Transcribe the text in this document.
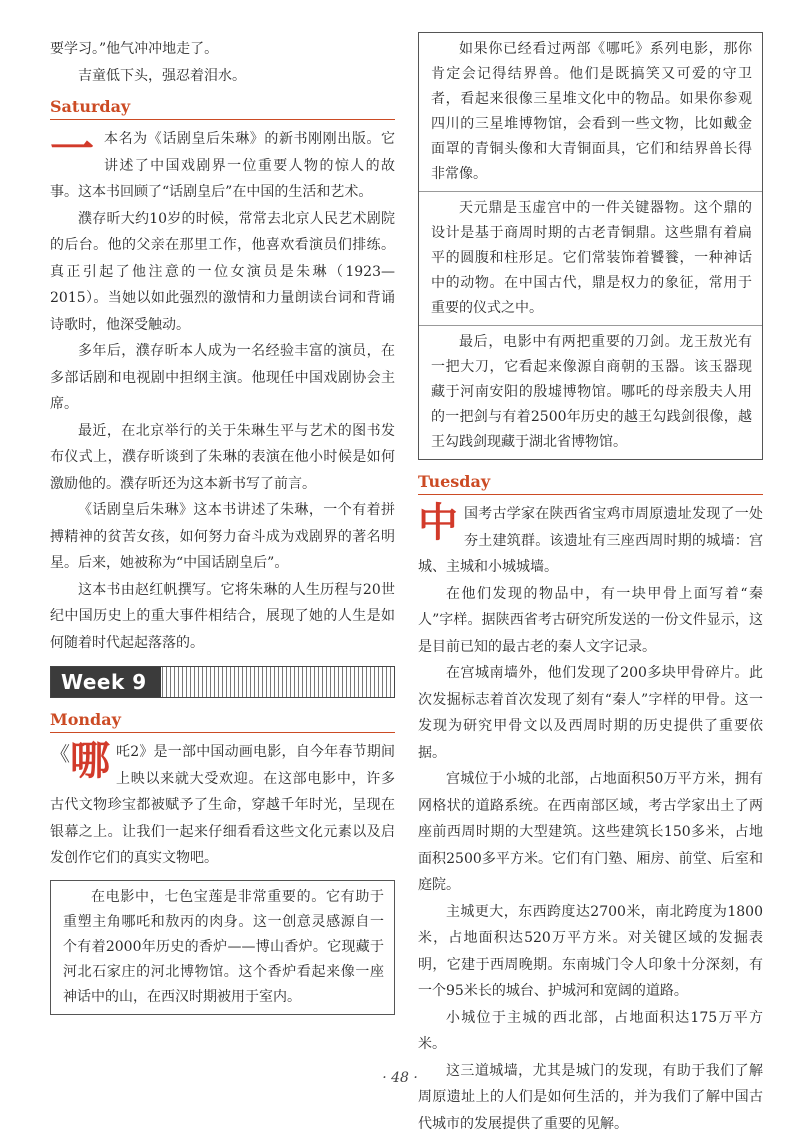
要学习。”他气冲冲地走了。

吉童低下头，强忍着泪水。

Saturday

一本名为《话剧皇后朱琳》的新书刚刚出版。它讲述了中国戏剧界一位重要人物的惊人的故事。这本书回顾了“话剧皇后”在中国的生活和艺术。

濮存昕大约10岁的时候，常常去北京人民艺术剧院的后台。他的父亲在那里工作，他喜欢看演员们排练。真正引起了他注意的一位女演员是朱琳（1923—2015）。当她以如此强烈的激情和力量朗读台词和背诵诗歌时，他深受触动。

多年后，濮存昕本人成为一名经验丰富的演员，在多部话剧和电视剧中担纲主演。他现任中国戏剧协会主席。

最近，在北京举行的关于朱琳生平与艺术的图书发布仪式上，濮存昕谈到了朱琳的表演在他小时候是如何激励他的。濮存昕还为这本新书写了前言。

《话剧皇后朱琳》这本书讲述了朱琳，一个有着拼搏精神的贫苦女孩，如何努力奋斗成为戏剧界的著名明星。后来，她被称为“中国话剧皇后”。

这本书由赵红帆撰写。它将朱琳的人生历程与20世纪中国历史上的重大事件相结合，展现了她的人生是如何随着时代起起落落的。

Week 9
Monday

《 哪 吒2》是一部中国动画电影，自今年春节期间上映以来就大受欢迎。在这部电影中，许多古代文物珍宝都被赋予了生命，穿越千年时光，呈现在银幕之上。让我们一起来仔细看看这些文化元素以及启发创作它们的真实文物吧。

在电影中，七色宝莲是非常重要的。它有助于重塑主角哪吒和敖丙的肉身。这一创意灵感源自一个有着2000年历史的香炉——博山香炉。它现藏于河北石家庄的河北博物馆。这个香炉看起来像一座神话中的山，在西汉时期被用于室内。

如果你已经看过两部《哪吒》系列电影，那你肯定会记得结界兽。他们是既搞笑又可爱的守卫者，看起来很像三星堆文化中的物品。如果你参观四川的三星堆博物馆，会看到一些文物，比如戴金面罩的青铜头像和大青铜面具，它们和结界兽长得非常像。

天元鼎是玉虚宫中的一件关键器物。这个鼎的设计是基于商周时期的古老青铜鼎。这些鼎有着扁平的圆腹和柱形足。它们常装饰着饕餮，一种神话中的动物。在中国古代，鼎是权力的象征，常用于重要的仪式之中。

最后，电影中有两把重要的刀剑。龙王敖光有一把大刀，它看起来像源自商朝的玉器。该玉器现藏于河南安阳的殷墟博物馆。哪吒的母亲殷夫人用的一把剑与有着2500年历史的越王勾践剑很像，越王勾践剑现藏于湖北省博物馆。

Tuesday

中国考古学家在陕西省宝鸡市周原遗址发现了一处夯土建筑群。该遗址有三座西周时期的城墙：宫城、主城和小城城墙。

在他们发现的物品中，有一块甲骨上面写着“秦人”字样。据陕西省考古研究所发送的一份文件显示，这是目前已知的最古老的秦人文字记录。

在宫城南墙外，他们发现了200多块甲骨碎片。此次发掘标志着首次发现了刻有“秦人”字样的甲骨。这一发现为研究甲骨文以及西周时期的历史提供了重要依据。

宫城位于小城的北部，占地面积50万平方米，拥有网格状的道路系统。在西南部区域，考古学家出土了两座前西周时期的大型建筑。这些建筑长150多米，占地面积2500多平方米。它们有门塾、厢房、前堂、后室和庭院。

主城更大，东西跨度达2700米，南北跨度为1800米，占地面积达520万平方米。对关键区域的发掘表明，它建于西周晚期。东南城门令人印象十分深刻，有一个95米长的城台、护城河和宽阔的道路。

小城位于主城的西北部，占地面积达175万平方米。

这三道城墙，尤其是城门的发现，有助于我们了解周原遗址上的人们是如何生活的，并为我们了解中国古代城市的发展提供了重要的见解。

· 48 ·
